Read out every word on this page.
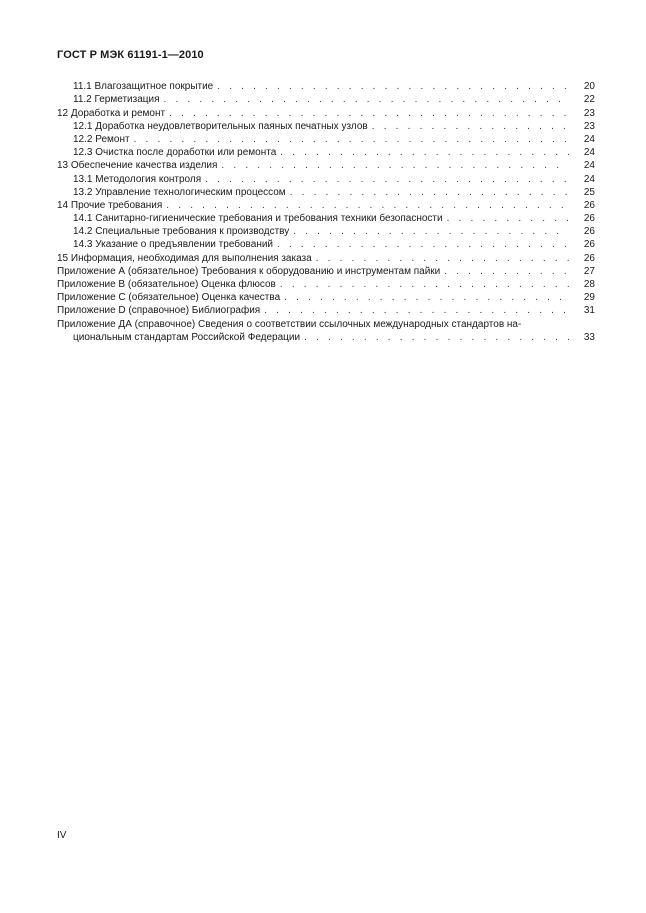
ГОСТ Р МЭК 61191-1—2010
11.1 Влагозащитное покрытие . . .	20
11.2 Герметизация . . .	22
12 Доработка и ремонт . . .	23
12.1 Доработка неудовлетворительных паяных печатных узлов . . .	23
12.2 Ремонт . . .	24
12.3 Очистка после доработки или ремонта . . .	24
13 Обеспечение качества изделия . . .	24
13.1 Методология контроля . . .	24
13.2 Управление технологическим процессом . . .	25
14 Прочие требования . . .	26
14.1 Санитарно-гигиенические требования и требования техники безопасности . . .	26
14.2 Специальные требования к производству . . .	26
14.3 Указание о предъявлении требований . . .	26
15 Информация, необходимая для выполнения заказа . . .	26
Приложение А (обязательное) Требования к оборудованию и инструментам пайки . . .	27
Приложение В (обязательное) Оценка флюсов . . .	28
Приложение С (обязательное) Оценка качества . . .	29
Приложение D (справочное) Библиография . . .	31
Приложение ДА (справочное) Сведения о соответствии ссылочных международных стандартов на-
циональным стандартам Российской Федерации . . .	33
IV
